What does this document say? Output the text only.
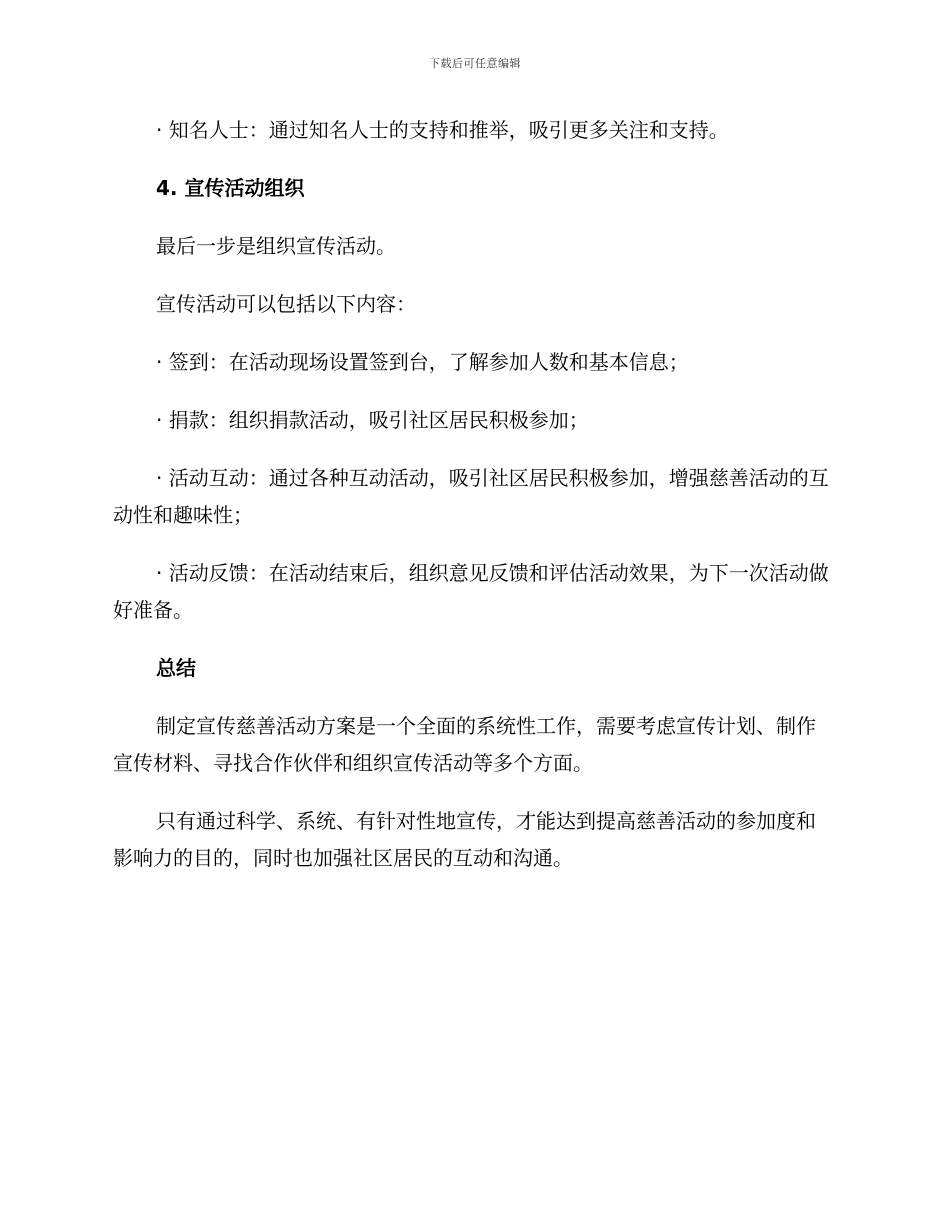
下载后可任意编辑

· 知名人士：通过知名人士的支持和推举，吸引更多关注和支持。

4. 宣传活动组织

最后一步是组织宣传活动。

宣传活动可以包括以下内容：

· 签到：在活动现场设置签到台，了解参加人数和基本信息；

· 捐款：组织捐款活动，吸引社区居民积极参加；

· 活动互动：通过各种互动活动，吸引社区居民积极参加，增强慈善活动的互动性和趣味性；

· 活动反馈：在活动结束后，组织意见反馈和评估活动效果，为下一次活动做好准备。

总结

制定宣传慈善活动方案是一个全面的系统性工作，需要考虑宣传计划、制作宣传材料、寻找合作伙伴和组织宣传活动等多个方面。

只有通过科学、系统、有针对性地宣传，才能达到提高慈善活动的参加度和影响力的目的，同时也加强社区居民的互动和沟通。
